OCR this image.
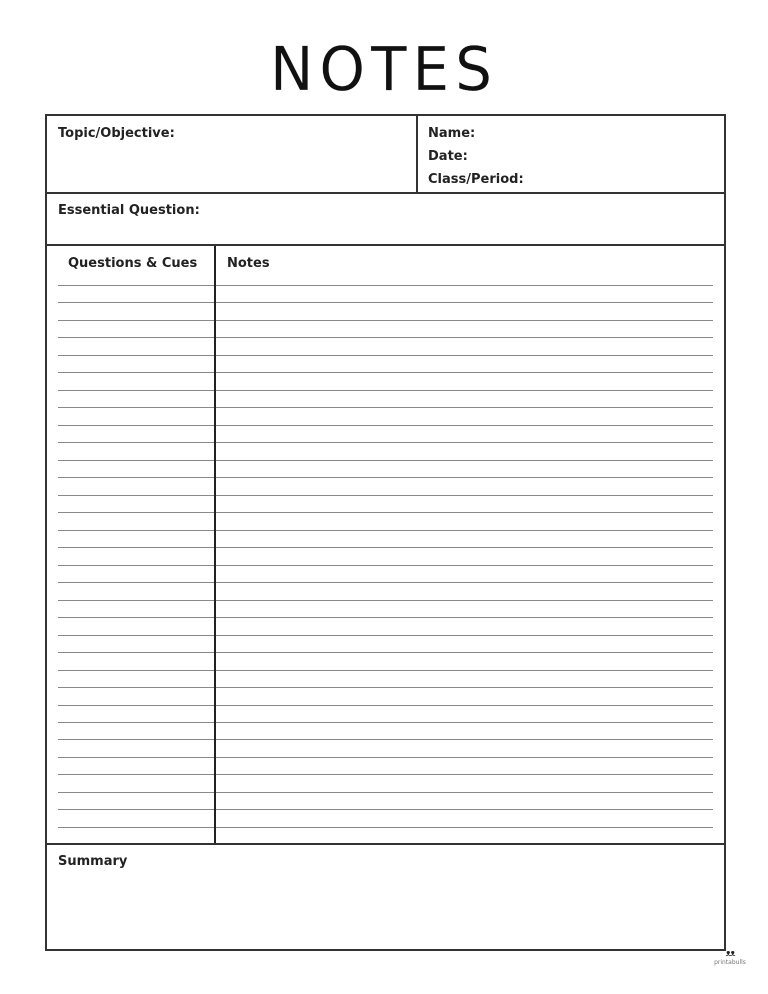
NOTES
Topic/Objective:	Name:
Date:
Class/Period:
Essential Question:
Questions & Cues Notes
Summary
ᴥᴥ
printabulls
